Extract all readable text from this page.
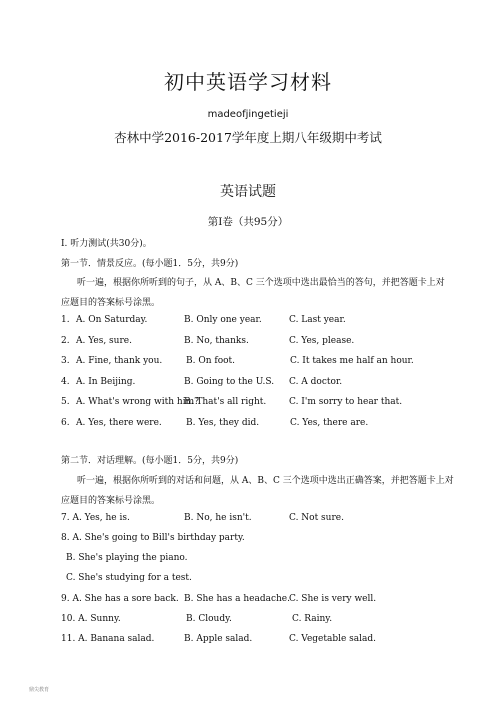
初中英语学习材料
madeofjingetieji
杏林中学2016-2017学年度上期八年级期中考试
英语试题
第Ⅰ卷（共95分）
I. 听力测试(共30分)。
第一节．情景反应。(每小题1．5分，共9分)
听一遍，根据你所听到的句子，从 A、B、C 三个选项中选出最恰当的答句，并把答题卡上对
应题目的答案标号涂黑。
1. A. On Saturday.	B. Only one year.	C. Last year.
2. A. Yes, sure.	B. No, thanks.	C. Yes, please.
3. A. Fine, thank you.	B. On foot.	C. It takes me half an hour.
4. A. In Beijing.	B. Going to the U.S. C. A doctor.
5. A. What's wrong with him?
B. That's all right.	C. I'm sorry to hear that.
6. A. Yes, there were.	B. Yes, they did.	C. Yes, there are.
第二节．对话理解。(每小题1．5分，共9分)
听一遍，根据你所听到的对话和问题，从 A、B、C 三个选项中选出正确答案，并把答题卡上对
应题目的答案标号涂黑。
7. A. Yes, he is.	B. No, he isn't.	C. Not sure.
8. A. She's going to Bill's birthday party.
B. She's playing the piano.
C. She's studying for a test.
9. A. She has a sore back. B. She has a headache. C. She is very well.
10. A. Sunny.	B. Cloudy.	C. Rainy.
11. A. Banana salad.	B. Apple salad.	C. Vegetable salad.
鼎尖教育
